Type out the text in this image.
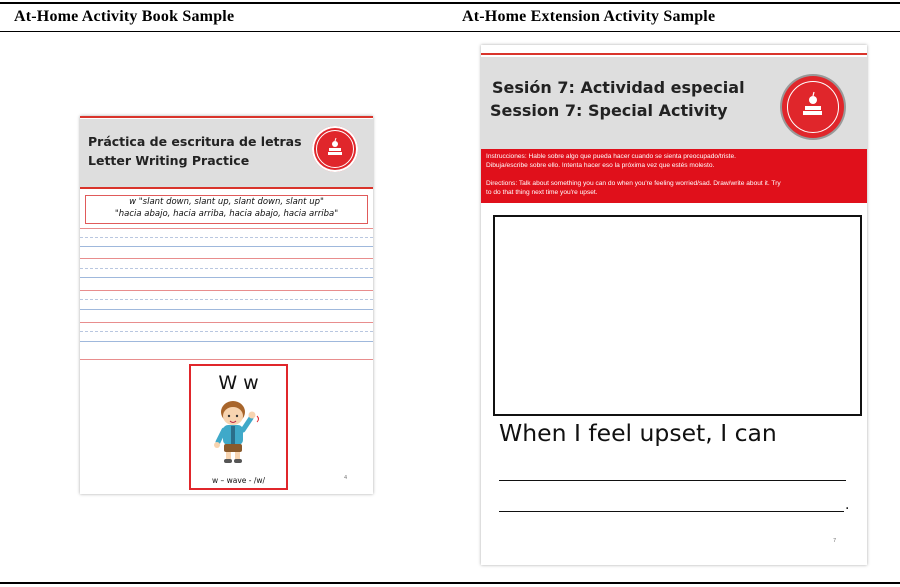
At-Home Activity Book Sample	At-Home Extension Activity Sample
Práctica de escritura de letras
Letter Writing Practice
w "slant down, slant up, slant down, slant up"
"hacia abajo, hacia arriba, hacia abajo, hacia arriba"
W w
w – wave - /w/	4
Sesión 7: Actividad especial
Session 7: Special Activity
Instrucciones: Hable sobre algo que pueda hacer cuando se sienta preocupado/triste.
Dibuja/escribe sobre ello. Intenta hacer eso la próxima vez que estés molesto.
Directions: Talk about something you can do when you're feeling worried/sad. Draw/write about it. Try
to do that thing next time you're upset.
When I feel upset, I can
.
7
